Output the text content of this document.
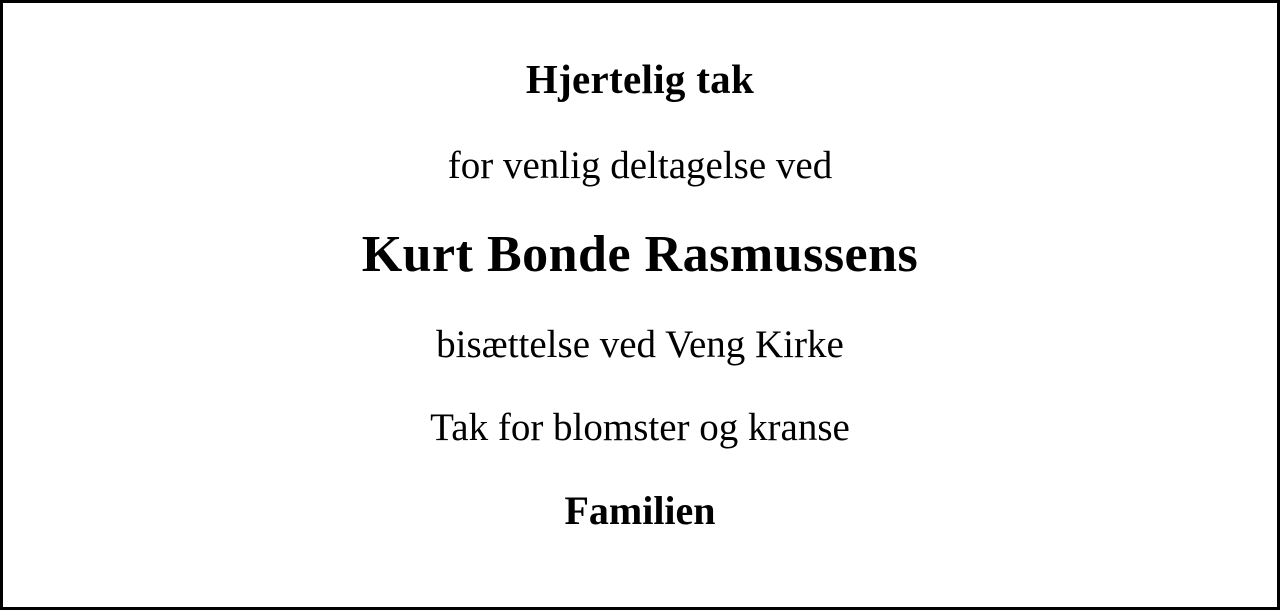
Hjertelig tak
for venlig deltagelse ved
Kurt Bonde Rasmussens
bisættelse ved Veng Kirke
Tak for blomster og kranse
Familien
